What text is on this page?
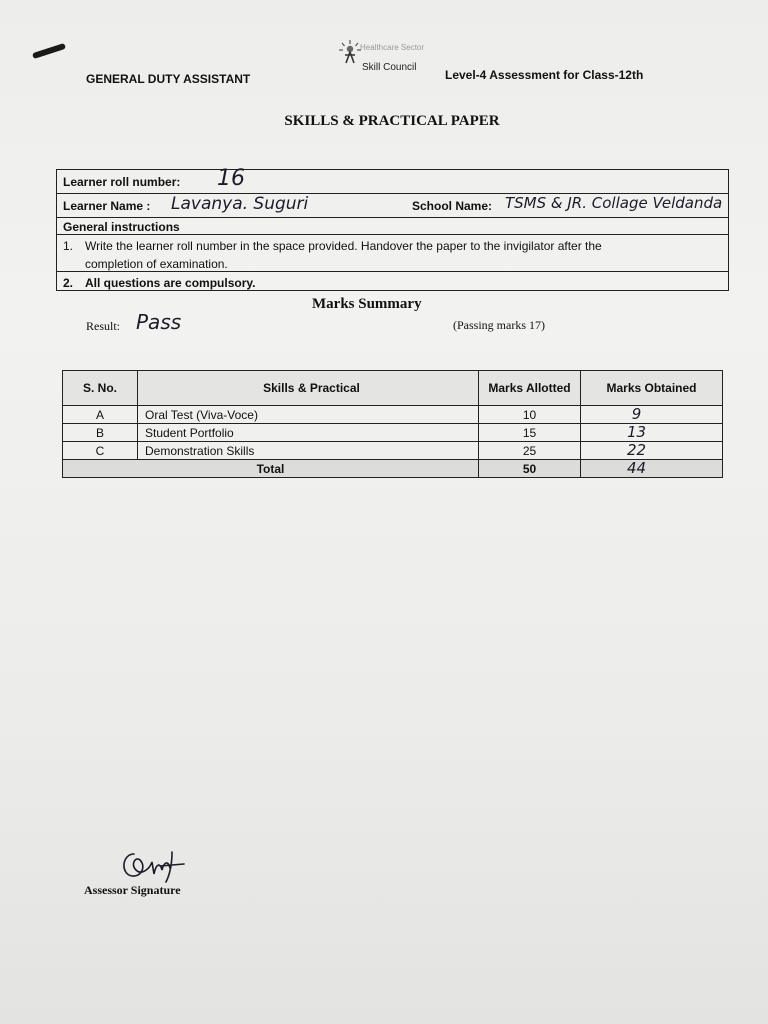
Healthcare Sector
Skill Council
GENERAL DUTY ASSISTANT	Level-4 Assessment for Class-12th
SKILLS & PRACTICAL PAPER
Learner roll number: 16
Learner Name : Lavanya. Suguri	School Name: TSMS & JR. Collage Veldanda
General instructions
1. Write the learner roll number in the space provided. Handover the paper to the invigilator after the
completion of examination.
2. All questions are compulsory.
Marks Summary
Result: Pass	(Passing marks 17)
S. No.	Skills & Practical	Marks Allotted	Marks Obtained
A	Oral Test (Viva-Voce)	10	9
B	Student Portfolio	15	13
C	Demonstration Skills	25	22
Total		50	44
Assessor Signature
